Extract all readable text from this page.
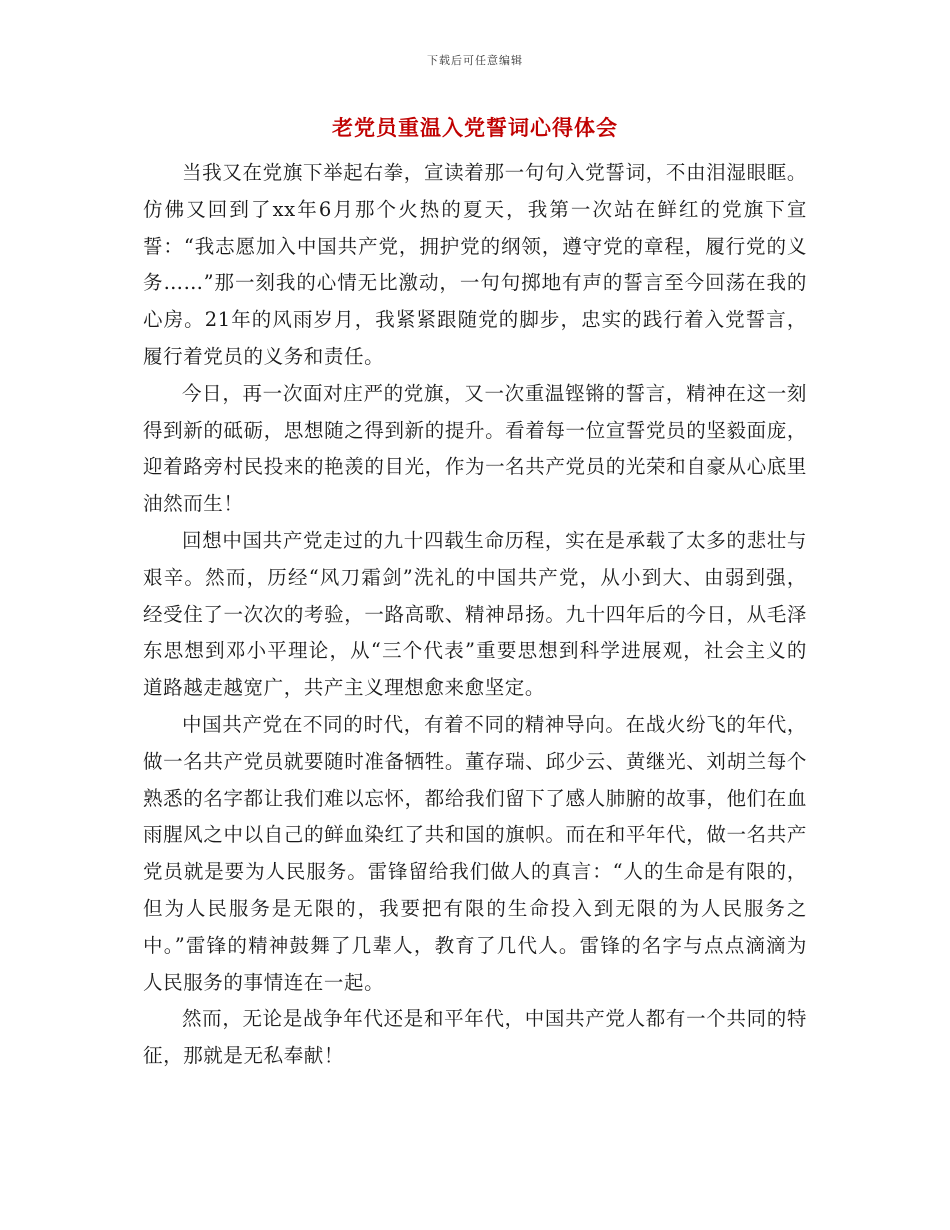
下载后可任意编辑
老党员重温入党誓词心得体会

当我又在党旗下举起右拳，宣读着那一句句入党誓词，不由泪湿眼眶。仿佛又回到了xx年6月那个火热的夏天，我第一次站在鲜红的党旗下宣誓：“我志愿加入中国共产党，拥护党的纲领，遵守党的章程，履行党的义务……”那一刻我的心情无比激动，一句句掷地有声的誓言至今回荡在我的心房。21年的风雨岁月，我紧紧跟随党的脚步，忠实的践行着入党誓言，履行着党员的义务和责任。

今日，再一次面对庄严的党旗，又一次重温铿锵的誓言，精神在这一刻得到新的砥砺，思想随之得到新的提升。看着每一位宣誓党员的坚毅面庞，迎着路旁村民投来的艳羡的目光，作为一名共产党员的光荣和自豪从心底里油然而生！

回想中国共产党走过的九十四载生命历程，实在是承载了太多的悲壮与艰辛。然而，历经“风刀霜剑”洗礼的中国共产党，从小到大、由弱到强，经受住了一次次的考验，一路高歌、精神昂扬。九十四年后的今日，从毛泽东思想到邓小平理论，从“三个代表”重要思想到科学进展观，社会主义的道路越走越宽广，共产主义理想愈来愈坚定。

中国共产党在不同的时代，有着不同的精神导向。在战火纷飞的年代，做一名共产党员就要随时准备牺牲。董存瑞、邱少云、黄继光、刘胡兰每个熟悉的名字都让我们难以忘怀，都给我们留下了感人肺腑的故事，他们在血雨腥风之中以自己的鲜血染红了共和国的旗帜。而在和平年代，做一名共产党员就是要为人民服务。雷锋留给我们做人的真言：“人的生命是有限的，但为人民服务是无限的，我要把有限的生命投入到无限的为人民服务之中。”雷锋的精神鼓舞了几辈人，教育了几代人。雷锋的名字与点点滴滴为人民服务的事情连在一起。

然而，无论是战争年代还是和平年代，中国共产党人都有一个共同的特征，那就是无私奉献！
